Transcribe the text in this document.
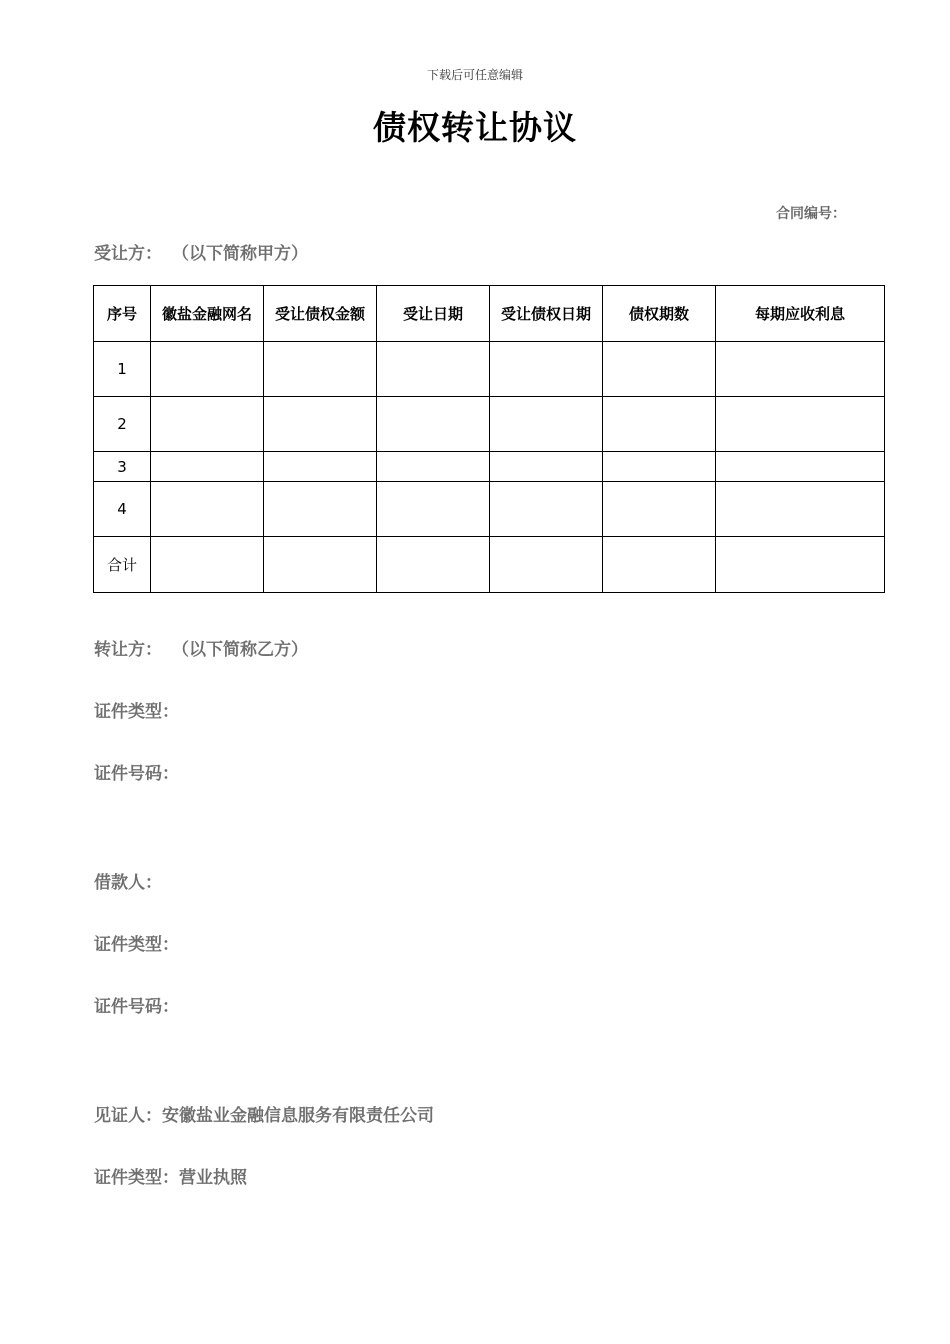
下载后可任意编辑
债权转让协议
合同编号：
受让方： （以下简称甲方）
序号	徽盐金融网名	受让债权金额	受让日期	受让债权日期	债权期数	每期应收利息
1						
2						
3						
4						
合计						
转让方： （以下简称乙方）
证件类型：
证件号码：
借款人：
证件类型：
证件号码：
见证人：安徽盐业金融信息服务有限责任公司
证件类型：营业执照
